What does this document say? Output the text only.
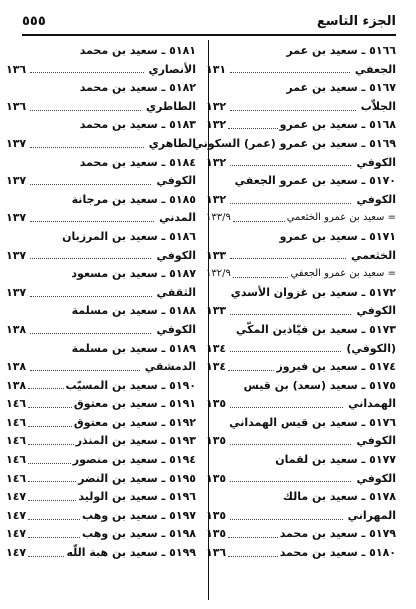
الجزء التاسع
٥٥٥
٥١٦٦ ـ سعيد بن عمر
الجعفي
١٣١
٥١٦٧ ـ سعيد بن عمر
الجلاّب
١٣٢
٥١٦٨ ـ سعيد بن عمرو
١٣٢
٥١٦٩ ـ سعيد بن عمرو (عمر) السكوني
الكوفي
١٣٢
٥١٧٠ ـ سعيد بن عمرو الجعفي
الكوفي
١٣٢
= سعيد بن عمرو الخثعمي
١٣٣/٩
٥١٧١ ـ سعيد بن عمرو
الخثعمي
١٣٣
= سعيد بن عمرو الجعفي
١٣٢/٩
٥١٧٢ ـ سعيد بن غزوان الأسدي
الكوفي
١٣٣
٥١٧٣ ـ سعيد بن فيّاذين المكّي
(الكوفي)
١٣٤
٥١٧٤ ـ سعيد بن فيروز
١٣٤
٥١٧٥ ـ سعيد (سعد) بن قيس
الهمداني
١٣٥
٥١٧٦ ـ سعيد بن قيس الهمداني
الكوفي
١٣٥
٥١٧٧ ـ سعيد بن لقمان
الكوفي
١٣٥
٥١٧٨ ـ سعيد بن مالك
المهراني
١٣٥
٥١٧٩ ـ سعيد بن محمد
١٣٥
٥١٨٠ ـ سعيد بن محمد
١٣٦
٥١٨١ ـ سعيد بن محمد
الأنصاري
١٣٦
٥١٨٢ ـ سعيد بن محمد
الطاطري
١٣٦
٥١٨٣ ـ سعيد بن محمد
الطاهري
١٣٧
٥١٨٤ ـ سعيد بن محمد
الكوفي
١٣٧
٥١٨٥ ـ سعيد بن مرجانة
المدني
١٣٧
٥١٨٦ ـ سعيد بن المرزبان
الكوفي
١٣٧
٥١٨٧ ـ سعيد بن مسعود
الثقفي
١٣٧
٥١٨٨ ـ سعيد بن مسلمة
الكوفي
١٣٨
٥١٨٩ ـ سعيد بن مسلمة
الدمشقي
١٣٨
٥١٩٠ ـ سعيد بن المسيّب
١٣٨
٥١٩١ ـ سعيد بن معتوق
١٤٦
٥١٩٢ ـ سعيد بن معتوق
١٤٦
٥١٩٣ ـ سعيد بن المنذر
١٤٦
٥١٩٤ ـ سعيد بن منصور
١٤٦
٥١٩٥ ـ سعيد بن النضر
١٤٦
٥١٩٦ ـ سعيد بن الوليد
١٤٧
٥١٩٧ ـ سعيد بن وهب
١٤٧
٥١٩٨ ـ سعيد بن وهب
١٤٧
٥١٩٩ ـ سعيد بن هبة اللّه
١٤٧
